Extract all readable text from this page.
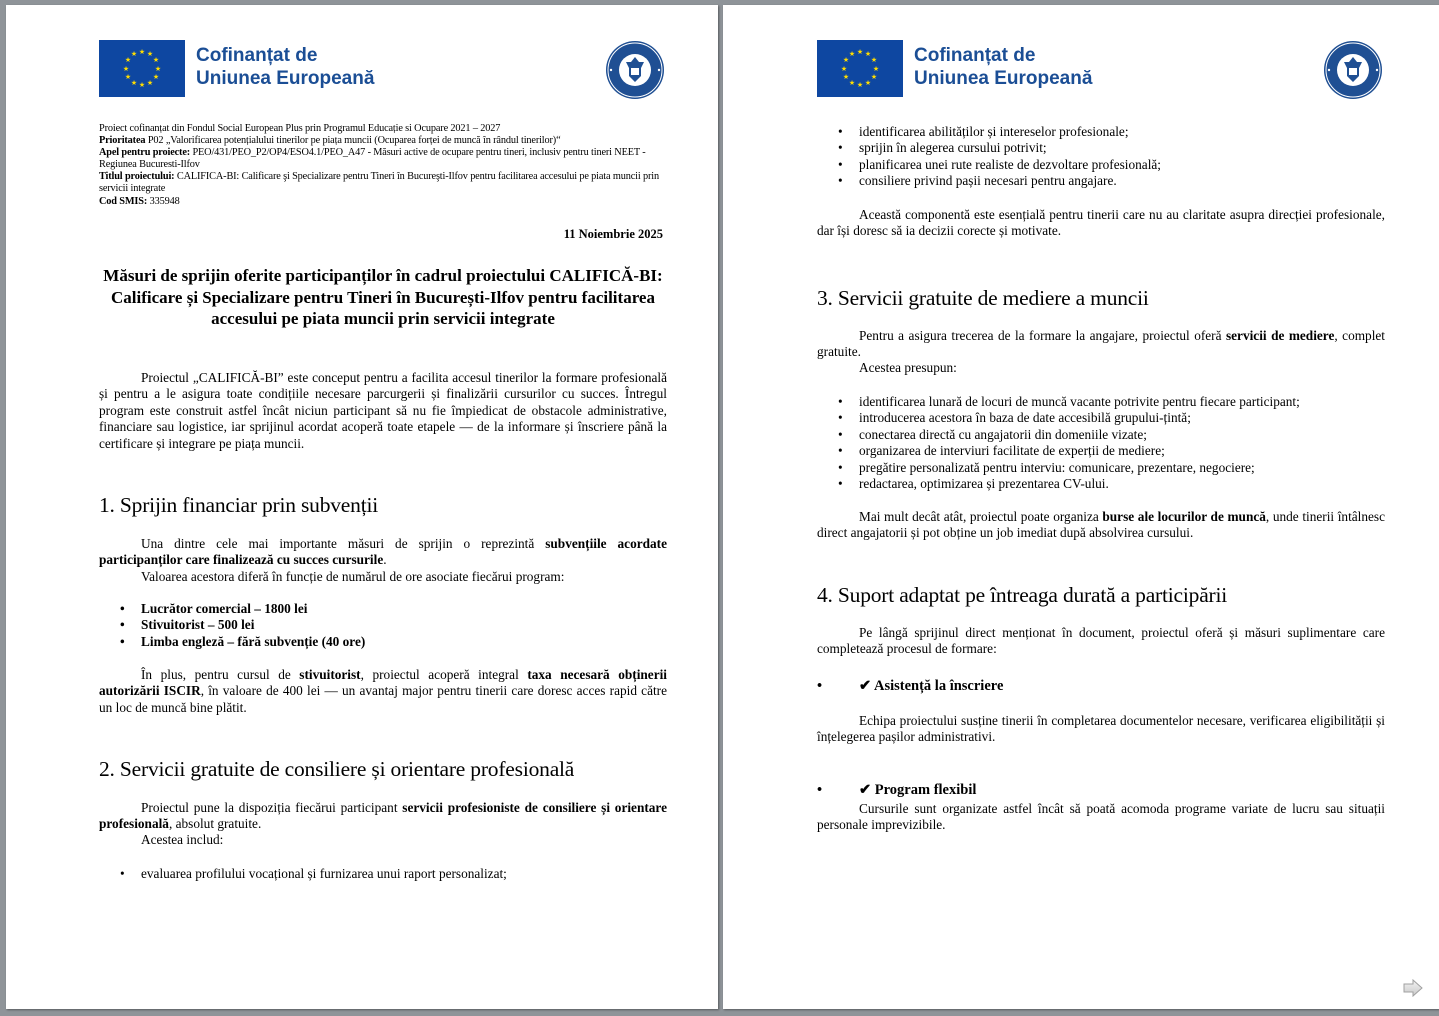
★ ★
★
★
★
★
★
★
★
★
★
★	Cofinanțat de
Uniunea Europeană
Proiect cofinanțat din Fondul Social European Plus prin Programul Educație si Ocupare 2021 – 2027
Prioritatea P02 „Valorificarea potențialului tinerilor pe piața muncii (Ocuparea forței de muncă în rândul tinerilor)“
Apel pentru proiecte: PEO/431/PEO_P2/OP4/ESO4.1/PEO_A47 - Măsuri active de ocupare pentru tineri, inclusiv pentru tineri NEET - Regiunea Bucuresti-Ilfov
Titlul proiectului: CALIFICA-BI: Calificare şi Specializare pentru Tineri în Bucureşti-Ilfov pentru facilitarea accesului pe piata muncii prin servicii integrate
Cod SMIS: 335948
11 Noiembrie 2025
Măsuri de sprijin oferite participanților în cadrul proiectului CALIFICĂ-BI: Calificare și Specializare pentru Tineri în București-Ilfov pentru facilitarea accesului pe piata muncii prin servicii integrate

Proiectul „CALIFICĂ-BI” este conceput pentru a facilita accesul tinerilor la formare profesională și pentru a le asigura toate condițiile necesare parcurgerii și finalizării cursurilor cu succes. Întregul program este construit astfel încât niciun participant să nu fie împiedicat de obstacole administrative, financiare sau logistice, iar sprijinul acordat acoperă toate etapele — de la informare și înscriere până la certificare și integrare pe piața muncii.

1. Sprijin financiar prin subvenții

Una dintre cele mai importante măsuri de sprijin o reprezintă subvențiile acordate participanților care finalizează cu succes cursurile.

Valoarea acestora diferă în funcție de numărul de ore asociate fiecărui program:

• Lucrător comercial – 1800 lei
• Stivuitorist – 500 lei
• Limba engleză – fără subvenție (40 ore)

În plus, pentru cursul de stivuitorist, proiectul acoperă integral taxa necesară obținerii autorizării ISCIR, în valoare de 400 lei — un avantaj major pentru tinerii care doresc acces rapid către un loc de muncă bine plătit.

2. Servicii gratuite de consiliere și orientare profesională

Proiectul pune la dispoziția fiecărui participant servicii profesioniste de consiliere și orientare profesională, absolut gratuite.

Acestea includ:

• evaluarea profilului vocațional și furnizarea unui raport personalizat;
★ ★
★
★
★
★
★
★
★
★
★
★	Cofinanțat de
Uniunea Europeană
• identificarea abilităților și intereselor profesionale;
• sprijin în alegerea cursului potrivit;
• planificarea unei rute realiste de dezvoltare profesională;
• consiliere privind pașii necesari pentru angajare.

Această componentă este esențială pentru tinerii care nu au claritate asupra direcției profesionale, dar își doresc să ia decizii corecte și motivate.

3. Servicii gratuite de mediere a muncii

Pentru a asigura trecerea de la formare la angajare, proiectul oferă servicii de mediere, complet gratuite.

Acestea presupun:

• identificarea lunară de locuri de muncă vacante potrivite pentru fiecare participant;
• introducerea acestora în baza de date accesibilă grupului-țintă;
• conectarea directă cu angajatorii din domeniile vizate;
• organizarea de interviuri facilitate de experții de mediere;
• pregătire personalizată pentru interviu: comunicare, prezentare, negociere;
• redactarea, optimizarea și prezentarea CV-ului.

Mai mult decât atât, proiectul poate organiza burse ale locurilor de muncă, unde tinerii întâlnesc direct angajatorii și pot obține un job imediat după absolvirea cursului.

4. Suport adaptat pe întreaga durată a participării

Pe lângă sprijinul direct menționat în document, proiectul oferă și măsuri suplimentare care completează procesul de formare:

•	✔ Asistență la înscriere

Echipa proiectului susține tinerii în completarea documentelor necesare, verificarea eligibilității și înțelegerea pașilor administrativi.

•	✔ Program flexibil

Cursurile sunt organizate astfel încât să poată acomoda programe variate de lucru sau situații personale imprevizibile.
